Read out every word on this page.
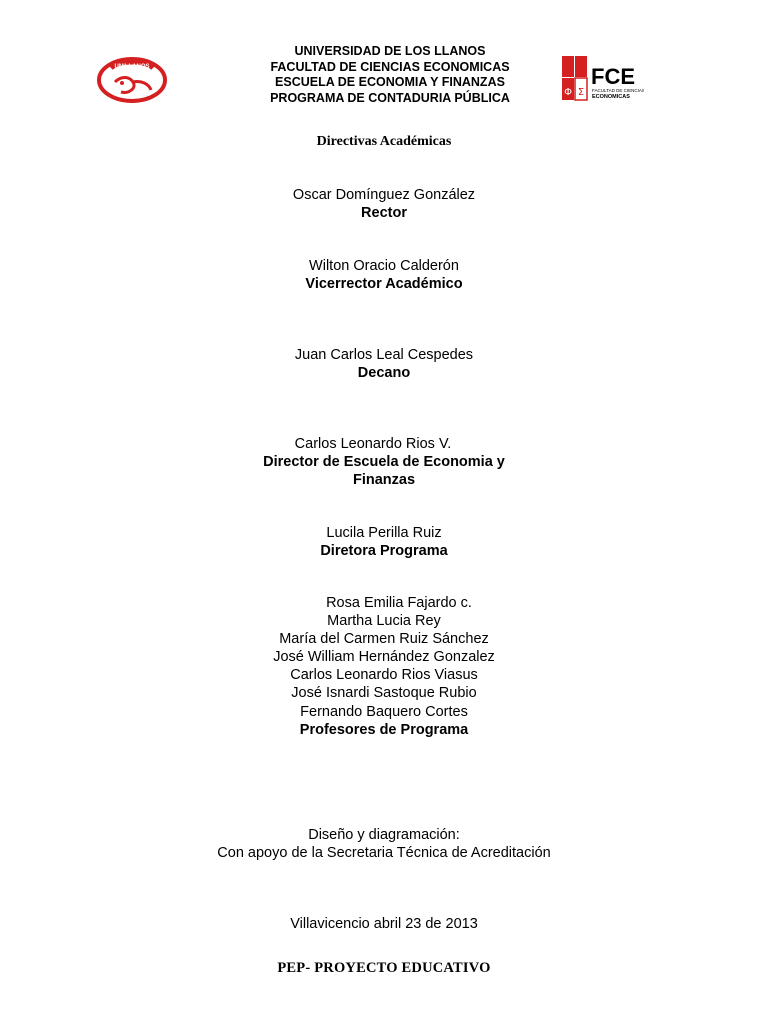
UNILLANOS
UNIVERSIDAD DE LOS LLANOS
FACULTAD DE CIENCIAS ECONOMICAS
ESCUELA DE ECONOMIA Y FINANZAS
PROGRAMA DE CONTADURIA PÚBLICA	Φ Σ
FCE
FACULTAD DE CIENCIAS
ECONOMICAS
Directivas Académicas
Oscar Domínguez González
Rector
Wilton Oracio Calderón
Vicerrector Académico
Juan Carlos Leal Cespedes
Decano
Carlos Leonardo Rios V.
Director de Escuela de Economia y
Finanzas
Lucila Perilla Ruiz
Diretora Programa
Rosa Emilia Fajardo c.
Martha Lucia Rey
María del Carmen Ruiz Sánchez
José William Hernández Gonzalez
Carlos Leonardo Rios Viasus
José Isnardi Sastoque Rubio
Fernando Baquero Cortes
Profesores de Programa
Diseño y diagramación:
Con apoyo de la Secretaria Técnica de Acreditación
Villavicencio abril 23 de 2013
PEP- PROYECTO EDUCATIVO
